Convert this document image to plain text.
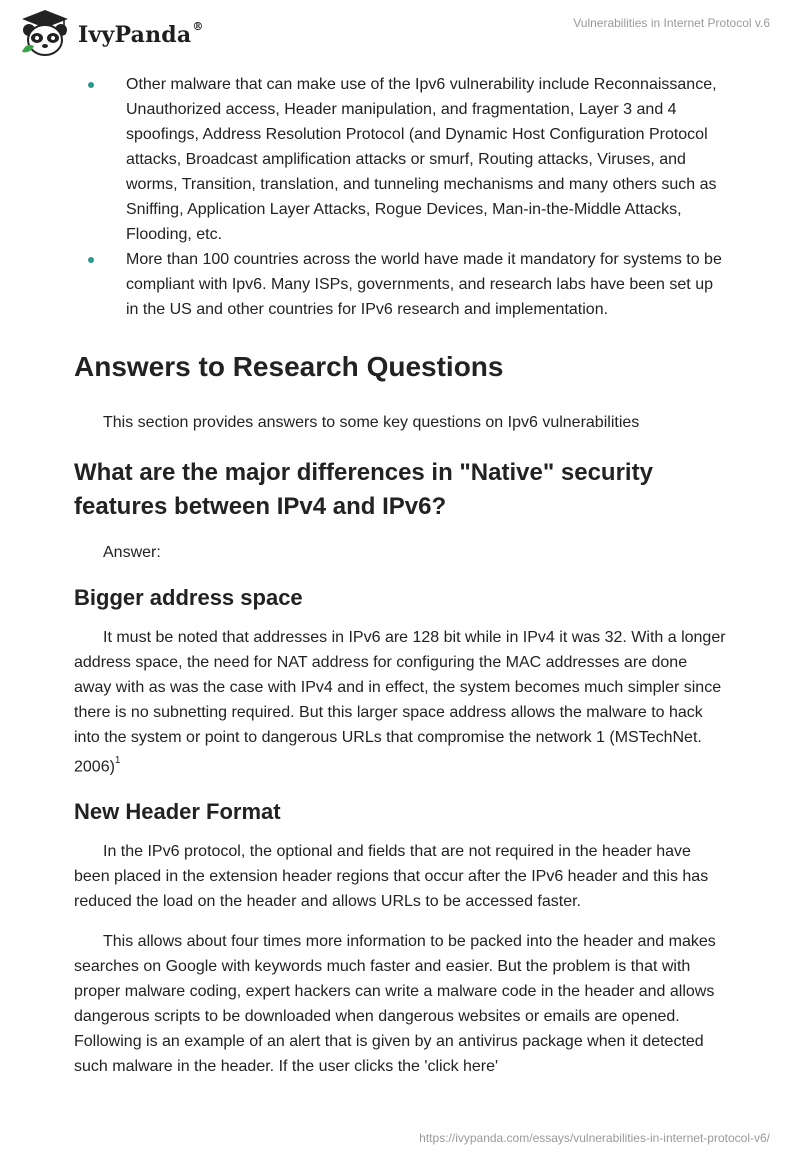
IvyPanda®	Vulnerabilities in Internet Protocol v.6
Other malware that can make use of the Ipv6 vulnerability include Reconnaissance, Unauthorized access, Header manipulation, and fragmentation, Layer 3 and 4 spoofings, Address Resolution Protocol (and Dynamic Host Configuration Protocol attacks, Broadcast amplification attacks or smurf, Routing attacks, Viruses, and worms, Transition, translation, and tunneling mechanisms and many others such as Sniffing, Application Layer Attacks, Rogue Devices, Man-in-the-Middle Attacks, Flooding, etc.
More than 100 countries across the world have made it mandatory for systems to be compliant with Ipv6. Many ISPs, governments, and research labs have been set up in the US and other countries for IPv6 research and implementation.
Answers to Research Questions

This section provides answers to some key questions on Ipv6 vulnerabilities

What are the major differences in "Native" security features between IPv4 and IPv6?

Answer:

Bigger address space

It must be noted that addresses in IPv6 are 128 bit while in IPv4 it was 32. With a longer address space, the need for NAT address for configuring the MAC addresses are done away with as was the case with IPv4 and in effect, the system becomes much simpler since there is no subnetting required. But this larger space address allows the malware to hack into the system or point to dangerous URLs that compromise the network 1 (MSTechNet. 2006)$^1$

New Header Format

In the IPv6 protocol, the optional and fields that are not required in the header have been placed in the extension header regions that occur after the IPv6 header and this has reduced the load on the header and allows URLs to be accessed faster.

This allows about four times more information to be packed into the header and makes searches on Google with keywords much faster and easier. But the problem is that with proper malware coding, expert hackers can write a malware code in the header and allows dangerous scripts to be downloaded when dangerous websites or emails are opened. Following is an example of an alert that is given by an antivirus package when it detected such malware in the header. If the user clicks the 'click here'

https://ivypanda.com/essays/vulnerabilities-in-internet-protocol-v6/
